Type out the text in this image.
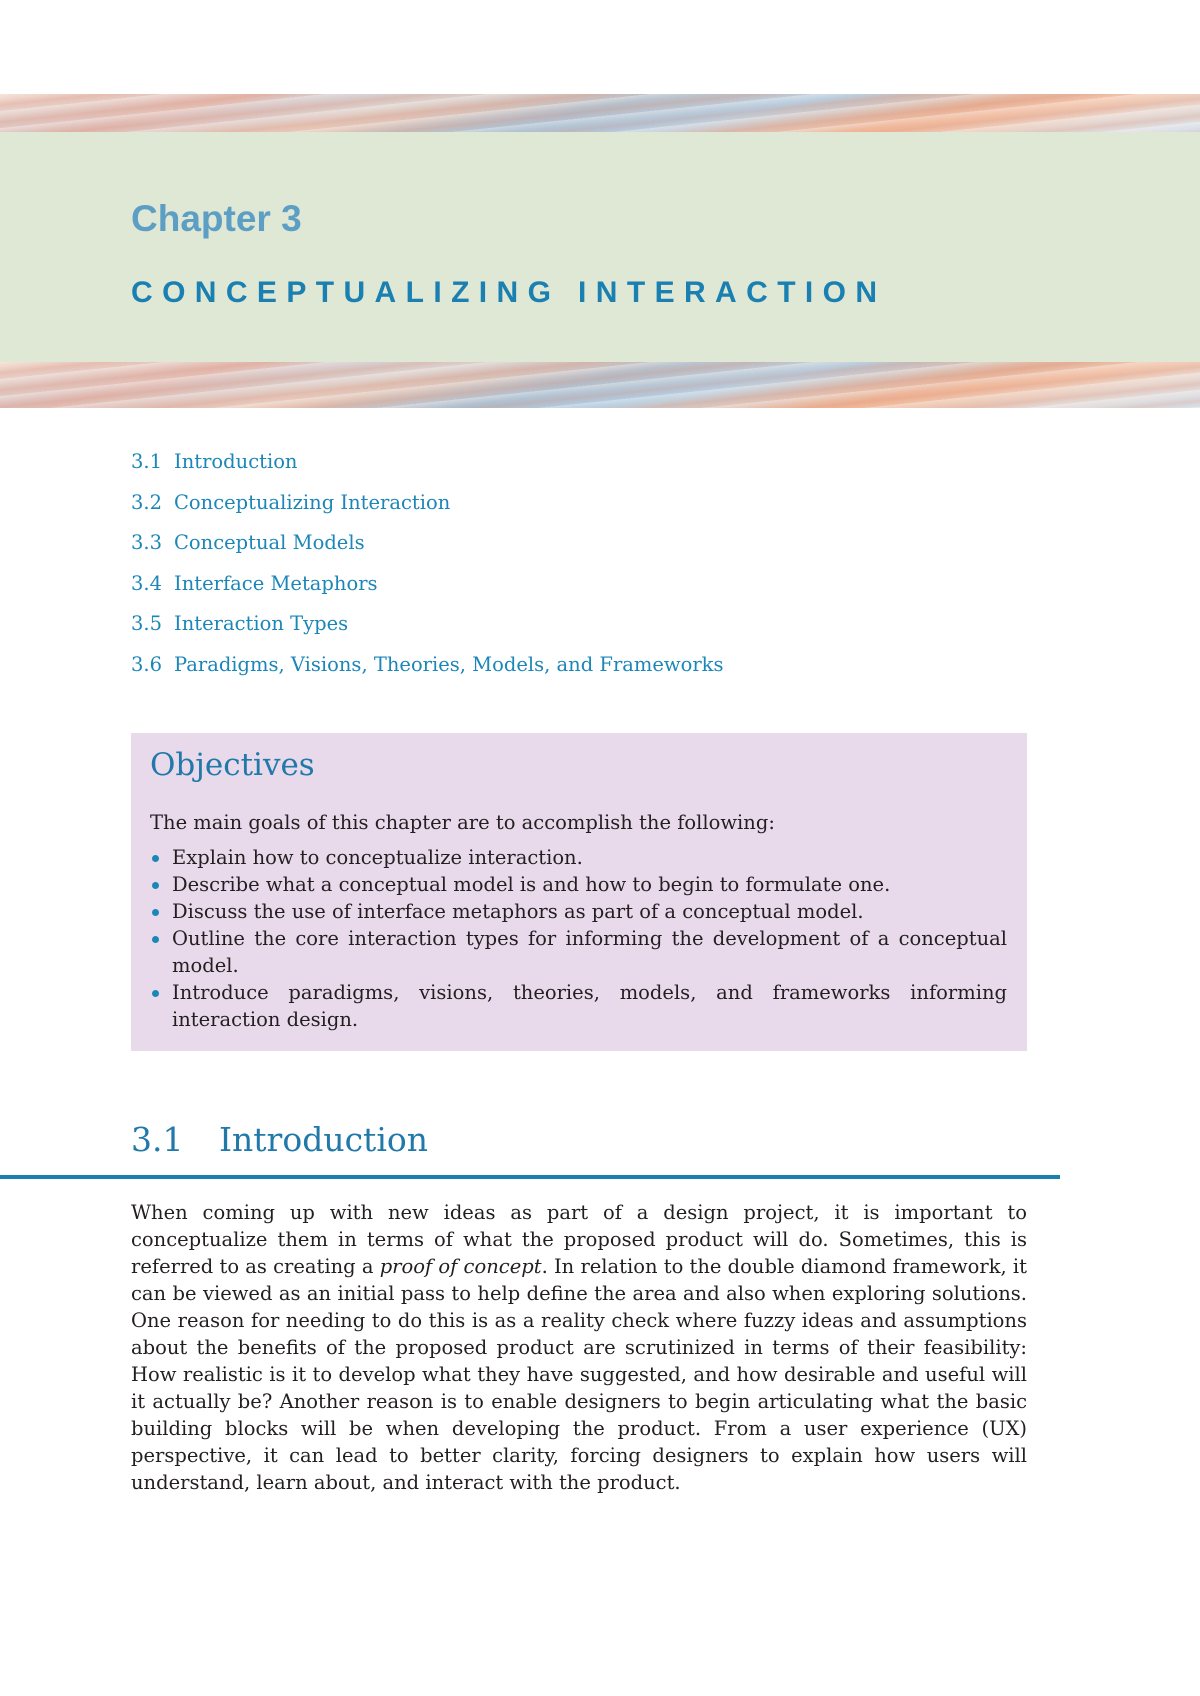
Chapter 3
CONCEPTUALIZING INTERACTION
3.1 Introduction
3.2 Conceptualizing Interaction
3.3 Conceptual Models
3.4 Interface Metaphors
3.5 Interaction Types
3.6 Paradigms, Visions, Theories, Models, and Frameworks
Objectives

The main goals of this chapter are to accomplish the following:

Explain how to conceptualize interaction.
Describe what a conceptual model is and how to begin to formulate one.
Discuss the use of interface metaphors as part of a conceptual model.
Outline the core interaction types for informing the development of a conceptual model.
Introduce paradigms, visions, theories, models, and frameworks informing interaction design.
3.1 Introduction

When coming up with new ideas as part of a design project, it is important to conceptualize them in terms of what the proposed product will do. Sometimes, this is referred to as creating a proof of concept. In relation to the double diamond framework, it can be viewed as an initial pass to help define the area and also when exploring solutions. One reason for needing to do this is as a reality check where fuzzy ideas and assumptions about the benefits of the proposed product are scrutinized in terms of their feasibility: How realistic is it to develop what they have suggested, and how desirable and useful will it actually be? Another reason is to enable designers to begin articulating what the basic building blocks will be when developing the product. From a user experience (UX) perspective, it can lead to better clarity, forcing designers to explain how users will understand, learn about, and interact with the product.
